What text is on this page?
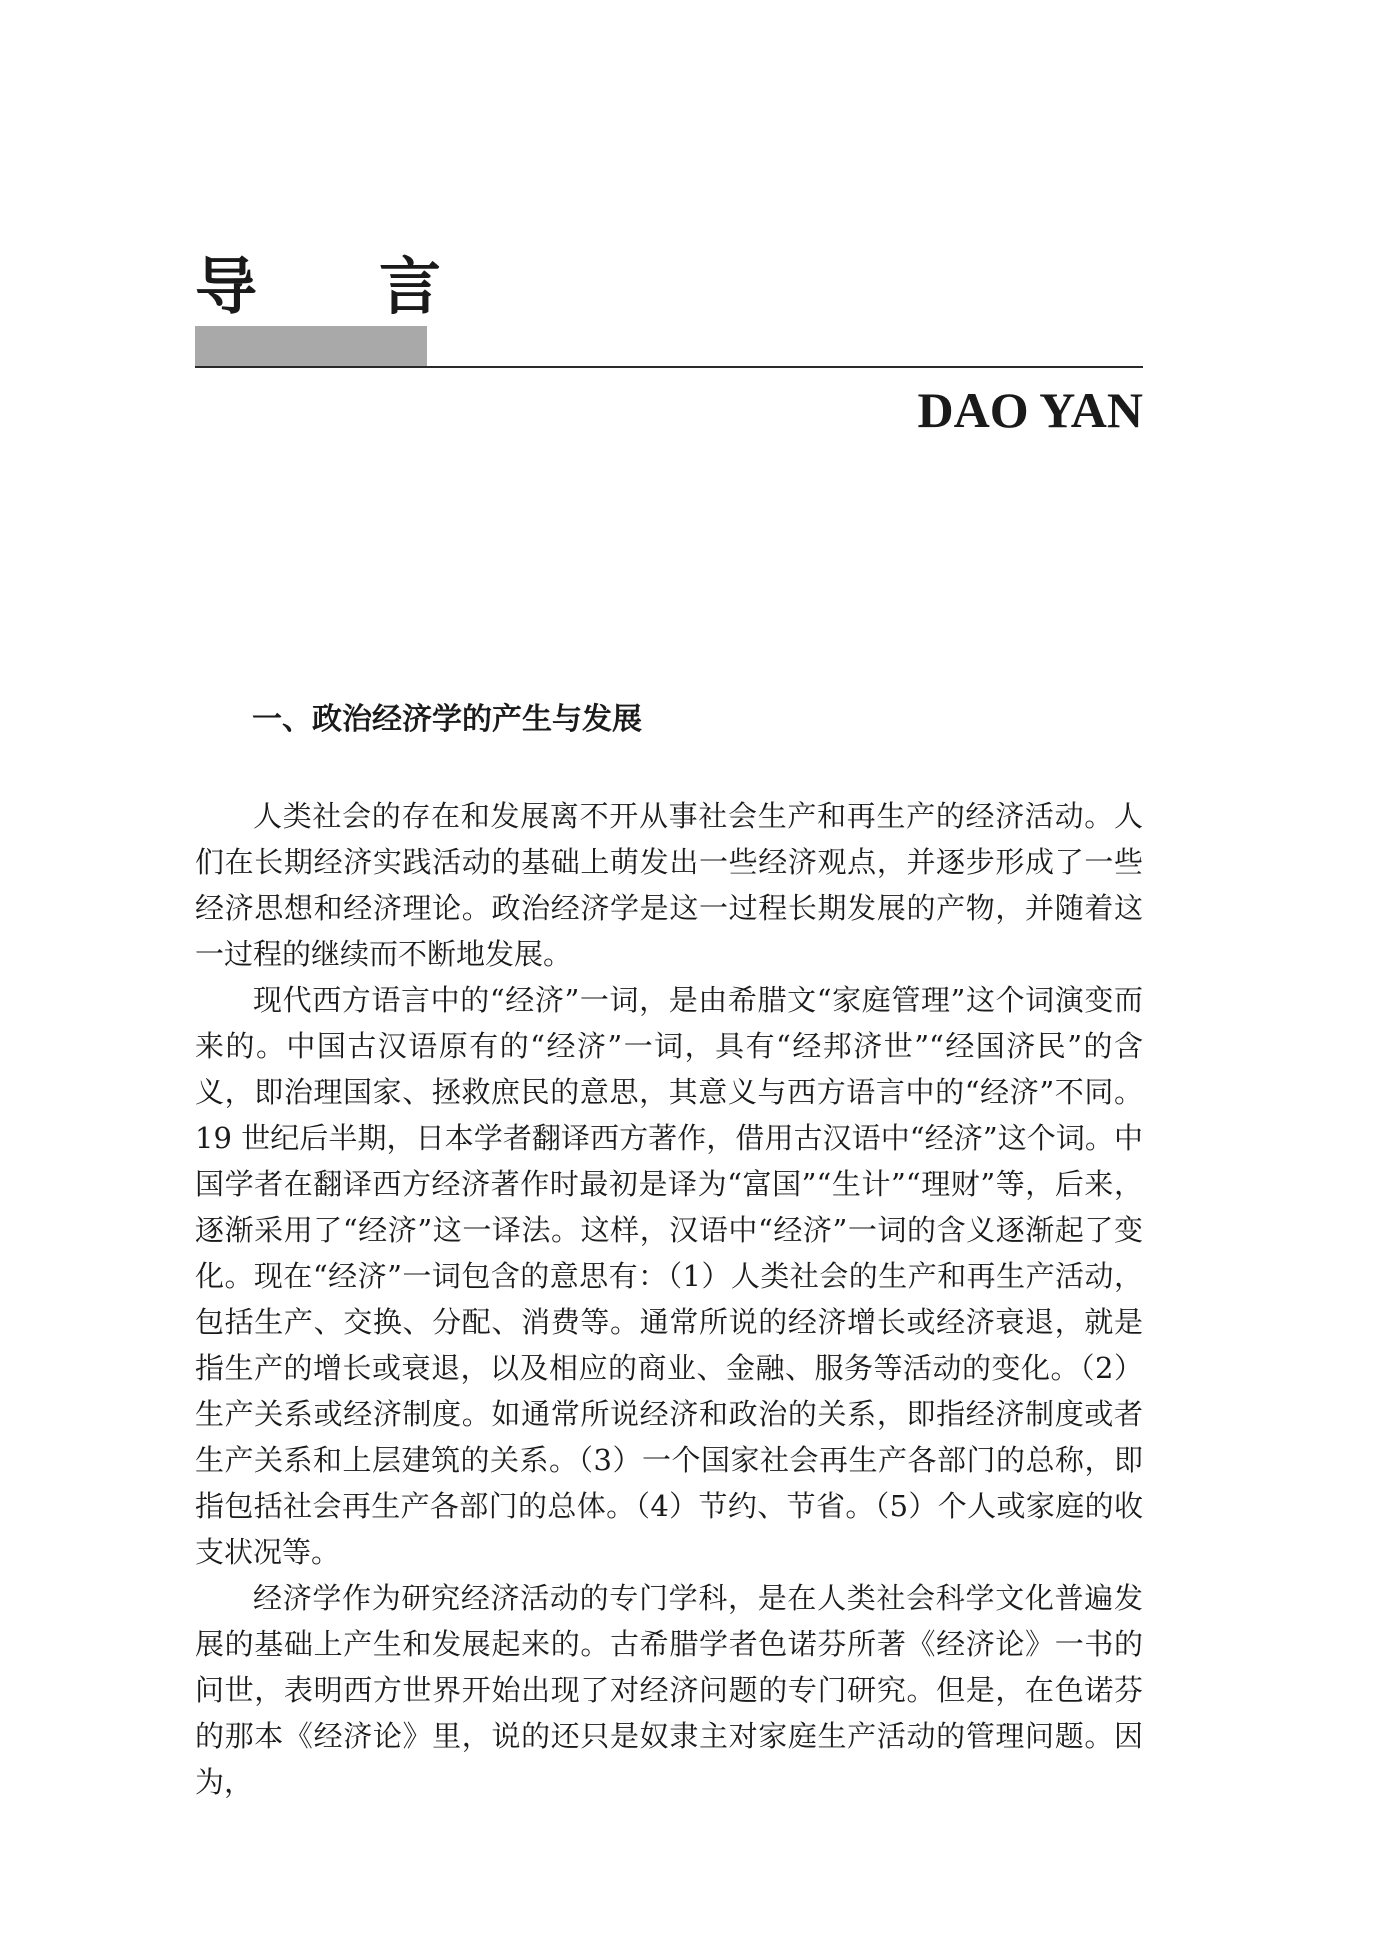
导 言
DAO YAN
一、政治经济学的产生与发展

人类社会的存在和发展离不开从事社会生产和再生产的经济活动。人们在长期经济实践活动的基础上萌发出一些经济观点，并逐步形成了一些经济思想和经济理论。政治经济学是这一过程长期发展的产物，并随着这一过程的继续而不断地发展。

现代西方语言中的“经济”一词，是由希腊文“家庭管理”这个词演变而来的。中国古汉语原有的“经济”一词，具有“经邦济世”“经国济民”的含义，即治理国家、拯救庶民的意思，其意义与西方语言中的“经济”不同。19 世纪后半期，日本学者翻译西方著作，借用古汉语中“经济”这个词。中国学者在翻译西方经济著作时最初是译为“富国”“生计”“理财”等，后来，逐渐采用了“经济”这一译法。这样，汉语中“经济”一词的含义逐渐起了变化。现在“经济”一词包含的意思有：（1）人类社会的生产和再生产活动，包括生产、交换、分配、消费等。通常所说的经济增长或经济衰退，就是指生产的增长或衰退，以及相应的商业、金融、服务等活动的变化。（2）生产关系或经济制度。如通常所说经济和政治的关系，即指经济制度或者生产关系和上层建筑的关系。（3）一个国家社会再生产各部门的总称，即指包括社会再生产各部门的总体。（4）节约、节省。（5）个人或家庭的收支状况等。

经济学作为研究经济活动的专门学科，是在人类社会科学文化普遍发展的基础上产生和发展起来的。古希腊学者色诺芬所著《经济论》一书的问世，表明西方世界开始出现了对经济问题的专门研究。但是，在色诺芬的那本《经济论》里，说的还只是奴隶主对家庭生产活动的管理问题。因为，
